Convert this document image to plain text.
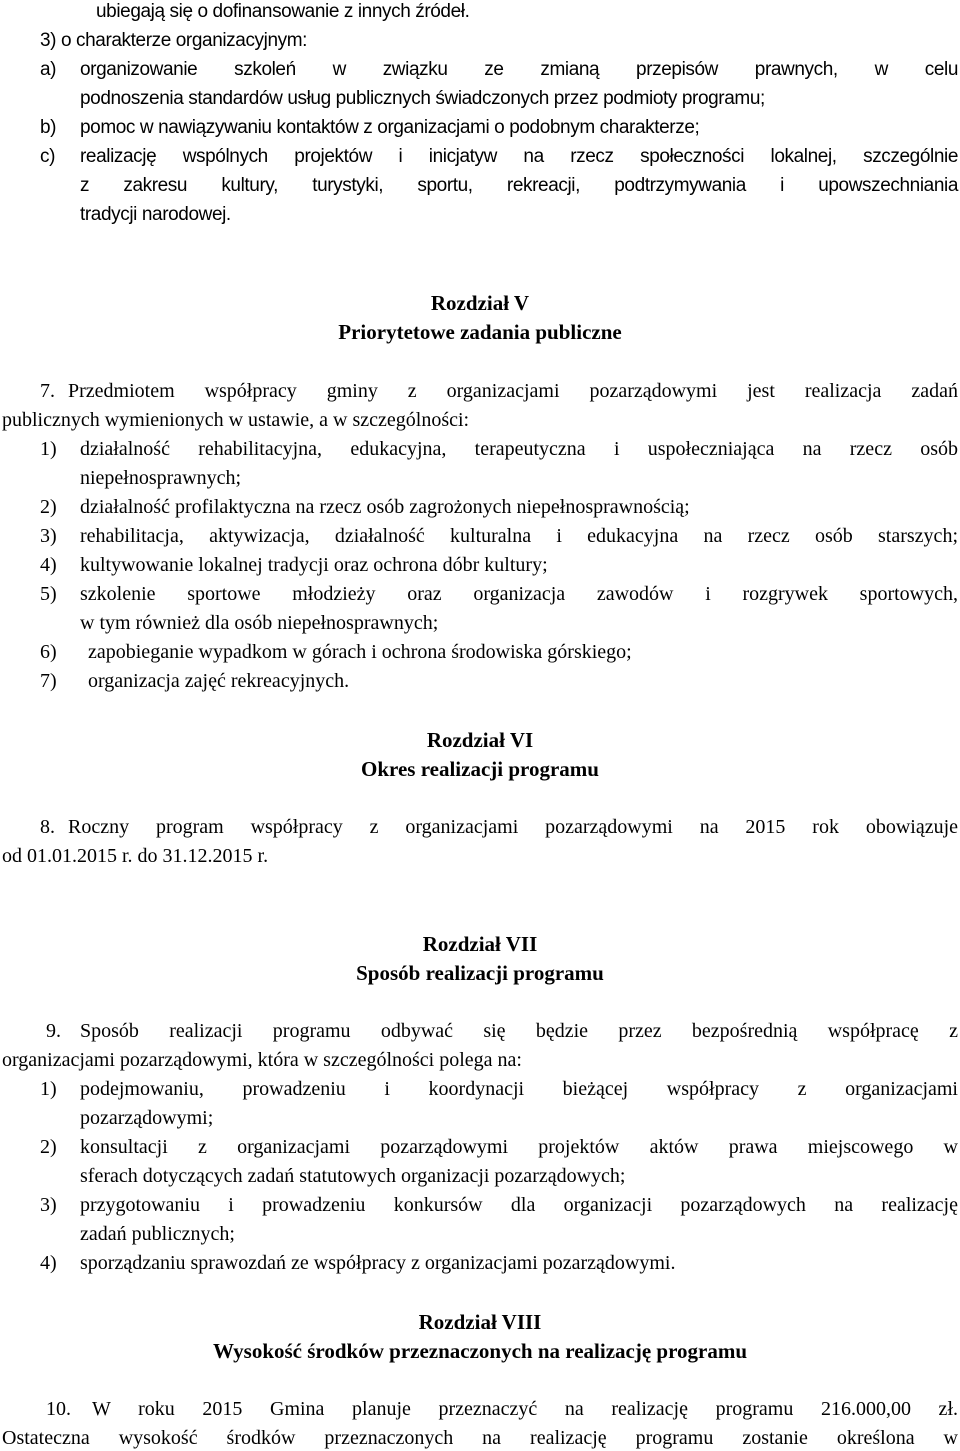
ubiegają się o dofinansowanie z innych źródeł.
3) o charakterze organizacyjnym:
a) organizowanie szkoleń w związku ze zmianą przepisów prawnych, w celu
podnoszenia standardów usług publicznych świadczonych przez podmioty programu;
b) pomoc w nawiązywaniu kontaktów z organizacjami o podobnym charakterze;
c) realizację wspólnych projektów i inicjatyw na rzecz społeczności lokalnej, szczególnie
z zakresu kultury, turystyki, sportu, rekreacji, podtrzymywania i upowszechniania
tradycji narodowej.
Rozdział V
Priorytetowe zadania publiczne
7. Przedmiotem współpracy gminy z organizacjami pozarządowymi jest realizacja zadań
publicznych wymienionych w ustawie, a w szczególności:
1) działalność rehabilitacyjna, edukacyjna, terapeutyczna i uspołeczniająca na rzecz osób
niepełnosprawnych;
2) działalność profilaktyczna na rzecz osób zagrożonych niepełnosprawnością;
3) rehabilitacja, aktywizacja, działalność kulturalna i edukacyjna na rzecz osób starszych;
4) kultywowanie lokalnej tradycji oraz ochrona dóbr kultury;
5) szkolenie sportowe młodzieży oraz organizacja zawodów i rozgrywek sportowych,
w tym również dla osób niepełnosprawnych;
6) zapobieganie wypadkom w górach i ochrona środowiska górskiego;
7) organizacja zajęć rekreacyjnych.
Rozdział VI
Okres realizacji programu
8. Roczny program współpracy z organizacjami pozarządowymi na 2015 rok obowiązuje
od 01.01.2015 r. do 31.12.2015 r.
Rozdział VII
Sposób realizacji programu
9. Sposób realizacji programu odbywać się będzie przez bezpośrednią współpracę z
organizacjami pozarządowymi, która w szczególności polega na:
1) podejmowaniu, prowadzeniu i koordynacji bieżącej współpracy z organizacjami
pozarządowymi;
2) konsultacji z organizacjami pozarządowymi projektów aktów prawa miejscowego w
sferach dotyczących zadań statutowych organizacji pozarządowych;
3) przygotowaniu i prowadzeniu konkursów dla organizacji pozarządowych na realizację
zadań publicznych;
4) sporządzaniu sprawozdań ze współpracy z organizacjami pozarządowymi.
Rozdział VIII
Wysokość środków przeznaczonych na realizację programu
10. W roku 2015 Gmina planuje przeznaczyć na realizację programu 216.000,00 zł.
Ostateczna wysokość środków przeznaczonych na realizację programu zostanie określona w
